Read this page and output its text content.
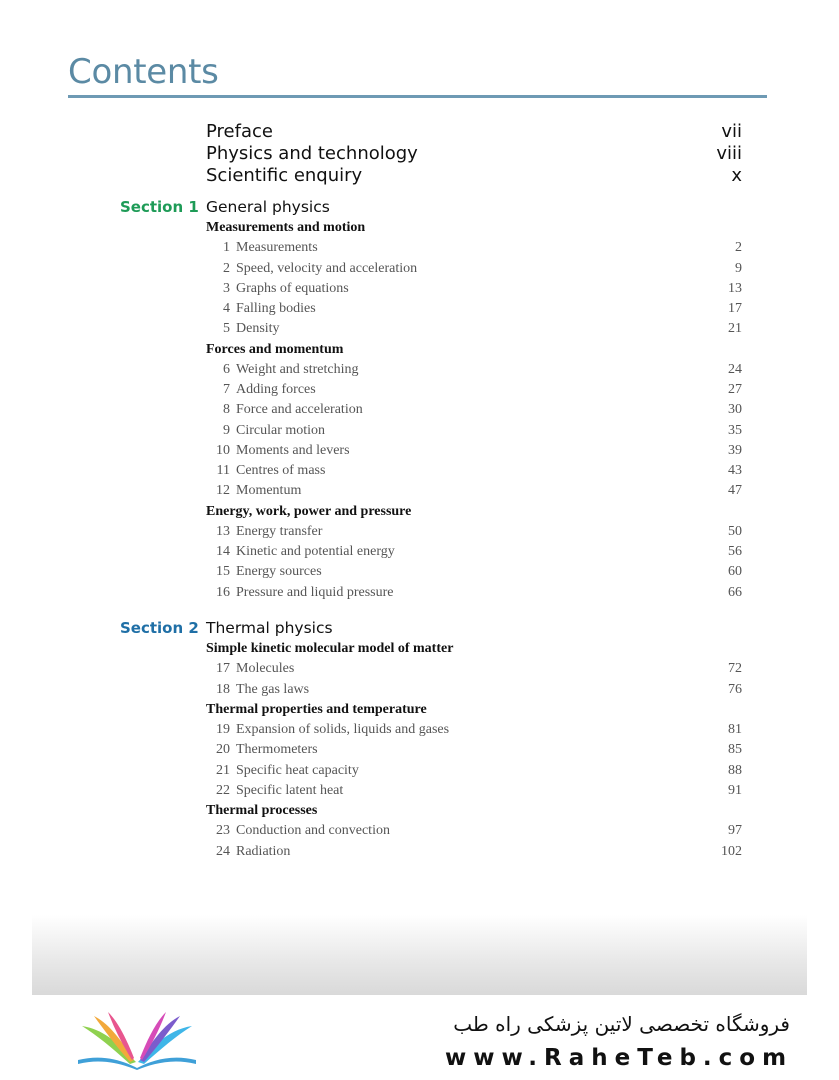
Contents
Preface	vii
Physics and technology	viii
Scientific enquiry	x
Section 1 General physics
Measurements and motion
1 Measurements	2
2 Speed, velocity and acceleration	9
3 Graphs of equations	13
4 Falling bodies	17
5 Density	21
Forces and momentum
6 Weight and stretching	24
7 Adding forces	27
8 Force and acceleration	30
9 Circular motion	35
10 Moments and levers	39
11 Centres of mass	43
12 Momentum	47
Energy, work, power and pressure
13 Energy transfer	50
14 Kinetic and potential energy	56
15 Energy sources	60
16 Pressure and liquid pressure	66
Section 2 Thermal physics
Simple kinetic molecular model of matter
17 Molecules	72
18 The gas laws	76
Thermal properties and temperature
19 Expansion of solids, liquids and gases	81
20 Thermometers	85
21 Specific heat capacity	88
22 Specific latent heat	91
Thermal processes
23 Conduction and convection	97
24 Radiation	102
فروشگاه تخصصی لاتین پزشکی راه طب
www.RaheTeb.com
